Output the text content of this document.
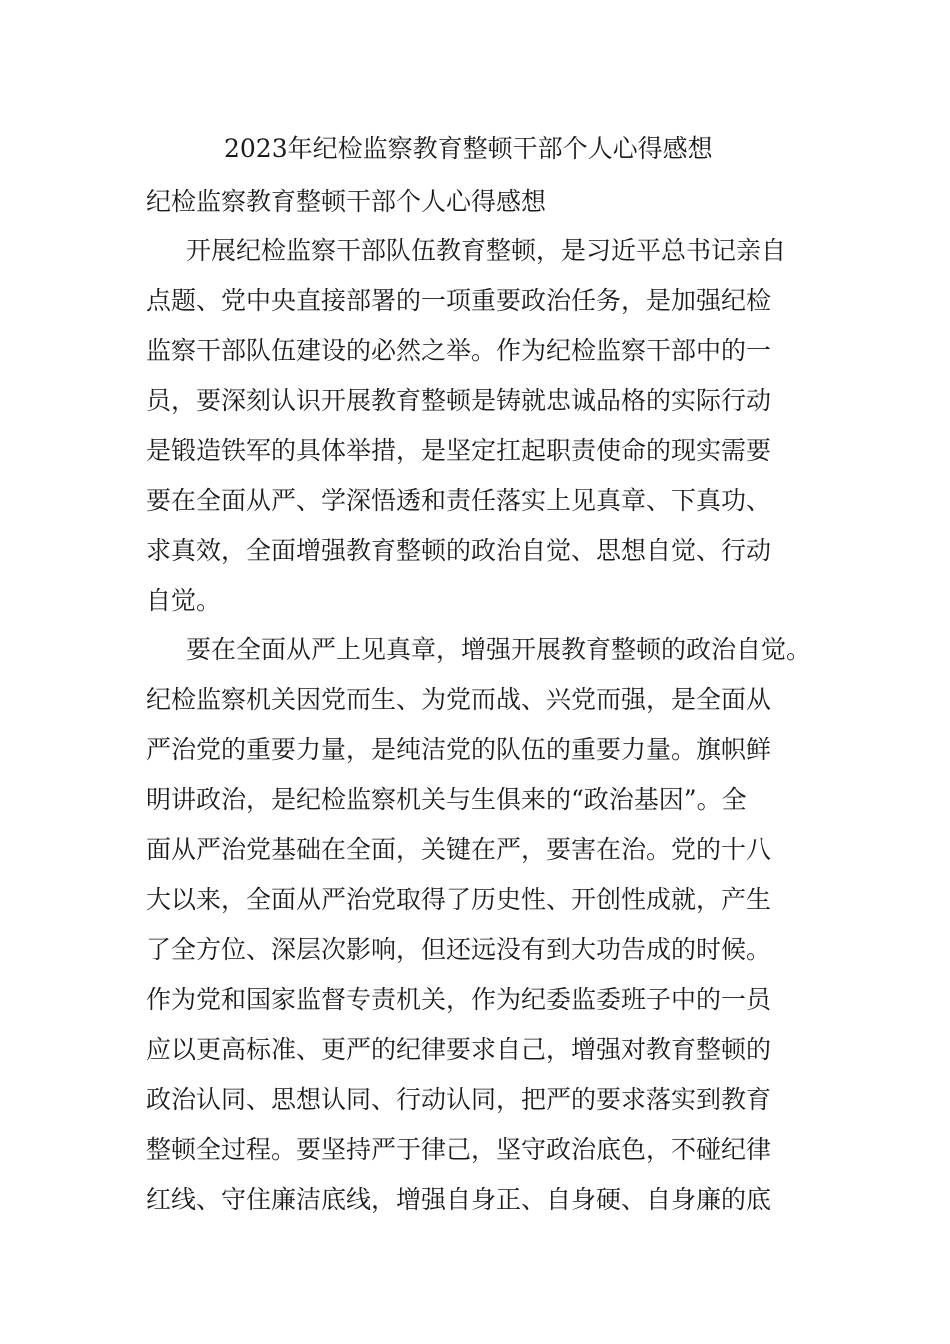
2023年纪检监察教育整顿干部个人心得感想
纪检监察教育整顿干部个人心得感想
开展纪检监察干部队伍教育整顿，是习近平总书记亲自
点题、党中央直接部署的一项重要政治任务，是加强纪检
监察干部队伍建设的必然之举。作为纪检监察干部中的一
员，要深刻认识开展教育整顿是铸就忠诚品格的实际行动
是锻造铁军的具体举措，是坚定扛起职责使命的现实需要
要在全面从严、学深悟透和责任落实上见真章、下真功、
求真效，全面增强教育整顿的政治自觉、思想自觉、行动
自觉。
要在全面从严上见真章，增强开展教育整顿的政治自觉。
纪检监察机关因党而生、为党而战、兴党而强，是全面从
严治党的重要力量，是纯洁党的队伍的重要力量。旗帜鲜
明讲政治，是纪检监察机关与生俱来的“政治基因”。全
面从严治党基础在全面，关键在严，要害在治。党的十八
大以来，全面从严治党取得了历史性、开创性成就，产生
了全方位、深层次影响，但还远没有到大功告成的时候。
作为党和国家监督专责机关，作为纪委监委班子中的一员
应以更高标准、更严的纪律要求自己，增强对教育整顿的
政治认同、思想认同、行动认同，把严的要求落实到教育
整顿全过程。要坚持严于律己，坚守政治底色，不碰纪律
红线、守住廉洁底线，增强自身正、自身硬、自身廉的底
